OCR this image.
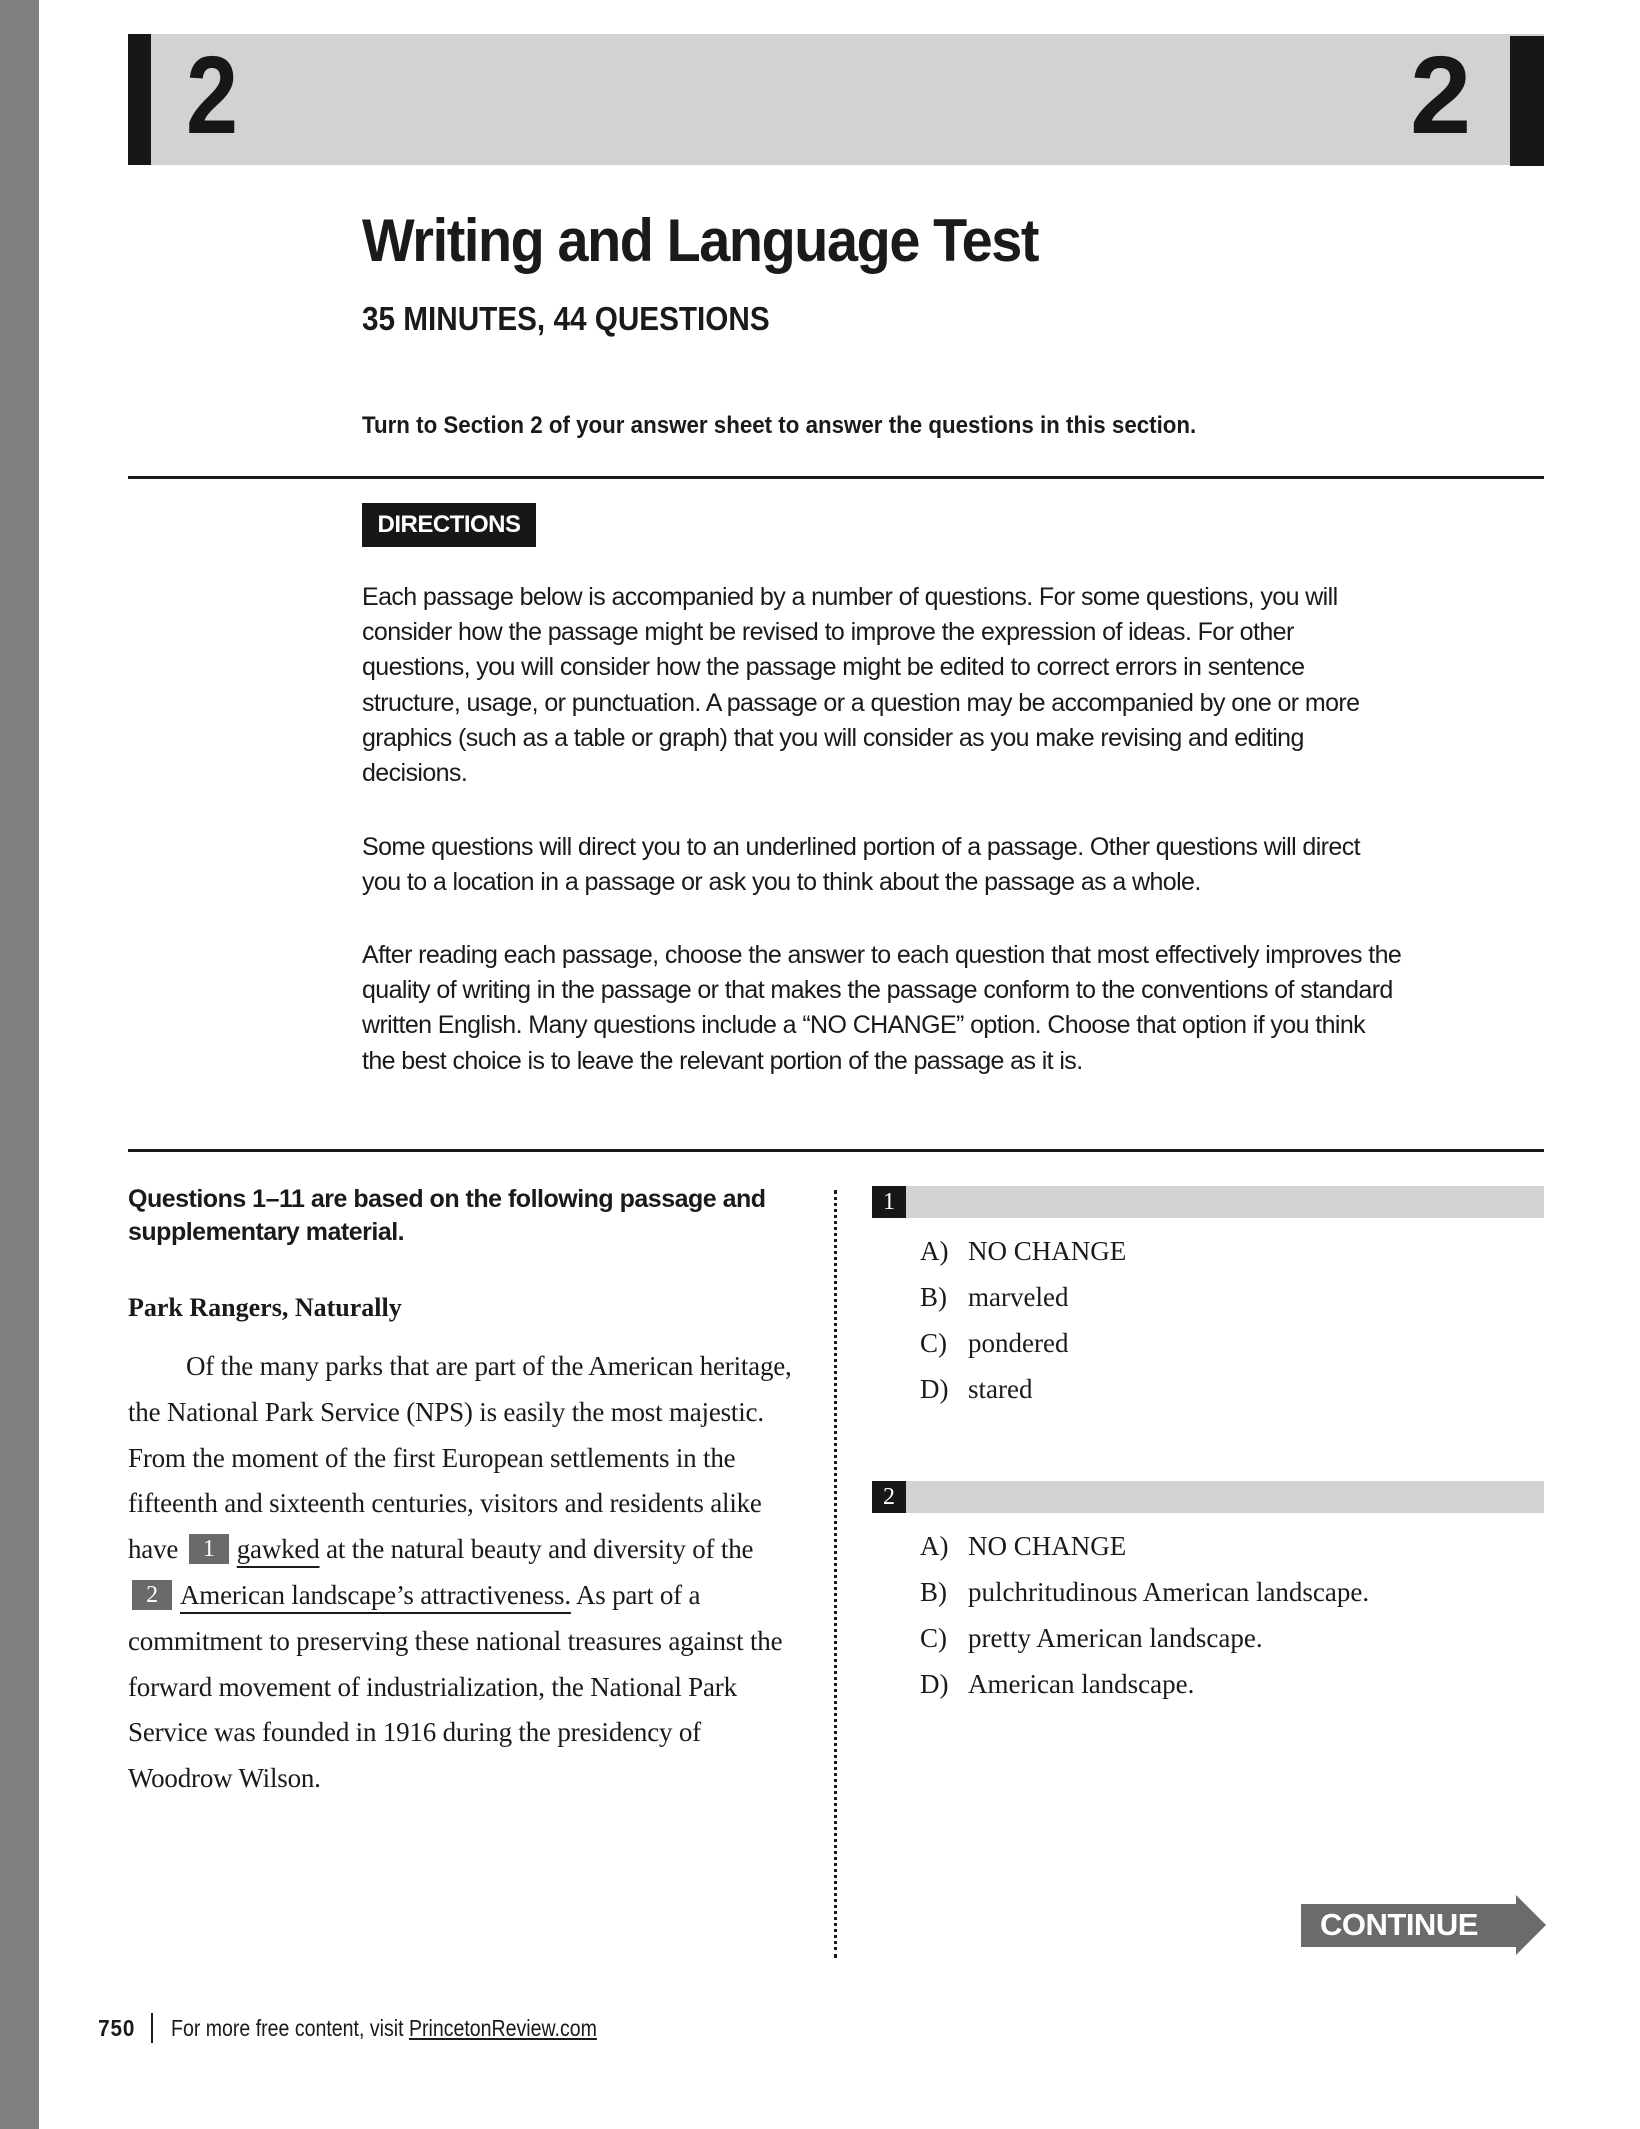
2	2
Writing and Language Test
35 MINUTES, 44 QUESTIONS
Turn to Section 2 of your answer sheet to answer the questions in this section.
DIRECTIONS

Each passage below is accompanied by a number of questions. For some questions, you will consider how the passage might be revised to improve the expression of ideas. For other questions, you will consider how the passage might be edited to correct errors in sentence structure, usage, or punctuation. A passage or a question may be accompanied by one or more graphics (such as a table or graph) that you will consider as you make revising and editing decisions.

Some questions will direct you to an underlined portion of a passage. Other questions will direct you to a location in a passage or ask you to think about the passage as a whole.

After reading each passage, choose the answer to each question that most effectively improves the quality of writing in the passage or that makes the passage conform to the conventions of standard written English. Many questions include a “NO CHANGE” option. Choose that option if you think the best choice is to leave the relevant portion of the passage as it is.

Questions 1–11 are based on the following passage and supplementary material.
Park Rangers, Naturally
Of the many parks that are part of the American heritage, the National Park Service (NPS) is easily the most majestic. From the moment of the first European settlements in the fifteenth and sixteenth centuries, visitors and residents alike have 1 gawked at the natural beauty and diversity of the 2 American landscape’s attractiveness. As part of a commitment to preserving these national treasures against the forward movement of industrialization, the National Park Service was founded in 1916 during the presidency of Woodrow Wilson.
1
A) NO CHANGE
B) marveled
C) pondered
D) stared
2
A) NO CHANGE
B) pulchritudinous American landscape.
C) pretty American landscape.
D) American landscape.
CONTINUE
750 For more free content, visit PrincetonReview.com
